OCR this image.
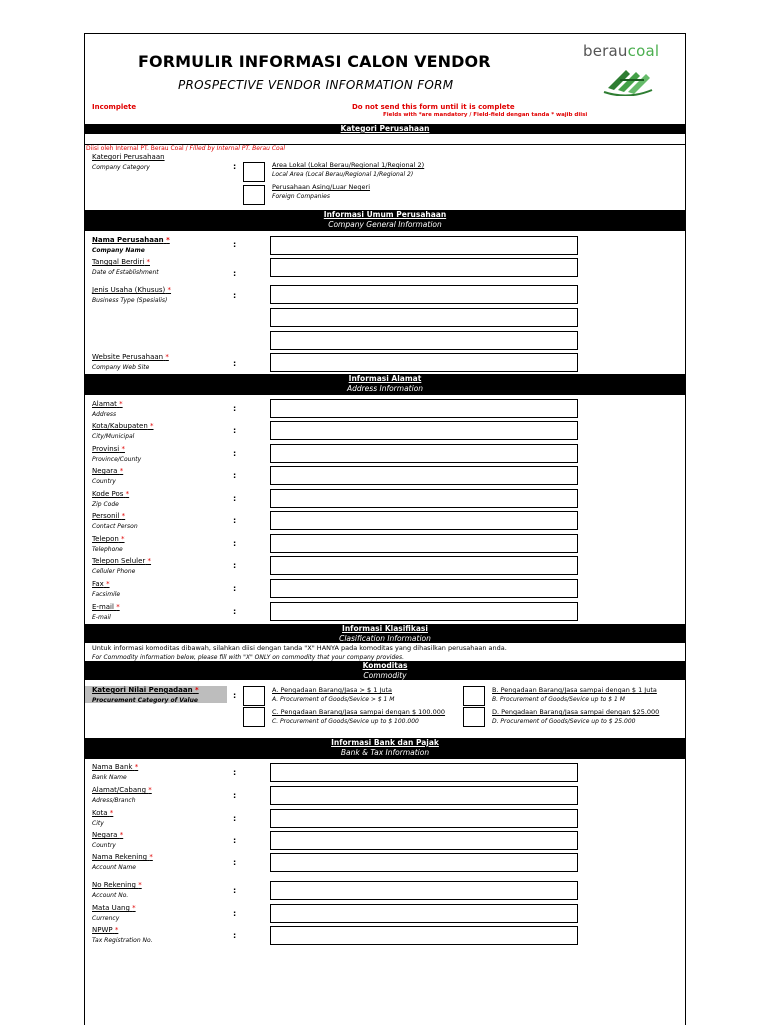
FORMULIR INFORMASI CALON VENDOR
PROSPECTIVE VENDOR INFORMATION FORM
beraucoal
Incomplete	Do not send this form until it is complete
Fields with *are mandatory / Field-field dengan tanda * wajib diisi
Kategori Perusahaan
Diisi oleh Internal PT. Berau Coal / Filled by Internal PT. Berau Coal
Kategori Perusahaan
Company Category	:	Area Lokal (Lokal Berau/Regional 1/Regional 2)
Local Area (Local Berau/Regional 1/Regional 2)
Perusahaan Asing/Luar Negeri
Foreign Companies
Informasi Umum Perusahaan
Company General Information
Nama Perusahaan *
Company Name
:
Tanggal Berdiri *
Date of Establishment	:
Jenis Usaha (Khusus) *
Business Type (Spesialis)	:
Website Perusahaan *
Company Web Site	:
Informasi Alamat
Address Information
Alamat *
Address
:
Kota/Kabupaten *
City/Municipal
:
Provinsi *
Province/County
:
Negara *
Country
:
Kode Pos *
Zip Code
:
Personil *
Contact Person
:
Telepon *
Telephone
:
Telepon Seluler *
Celluler Phone
:
Fax *
Facsimile
:
E-mail *
E-mail
:
Informasi Klasifikasi
Clasification Information
Untuk informasi komoditas dibawah, silahkan diisi dengan tanda "X" HANYA pada komoditas yang dihasilkan perusahaan anda.
For Commodity information below, please fill with "X" ONLY on commodity that your company provides.
Komoditas
Commodity
Kategori Nilai Pengadaan *
Procurement Category of Value	:
A. Pengadaan Barang/Jasa > $ 1 Juta
A. Procurement of Goods/Sevice > $ 1 M
B. Pengadaan Barang/Jasa sampai dengan $ 1 Juta
B. Procurement of Goods/Sevice up to $ 1 M
C. Pengadaan Barang/Jasa sampai dengan $ 100.000
C. Procurement of Goods/Sevice up to $ 100.000
D. Pengadaan Barang/Jasa sampai dengan $25.000
D. Procurement of Goods/Sevice up to $ 25.000
Informasi Bank dan Pajak
Bank & Tax Information
Nama Bank *
Bank Name	:
Alamat/Cabang *
Adress/Branch	:
Kota *
City	:
Negara *
Country	:
Nama Rekening *
Account Name	:
No Rekening *
Account No.	:
Mata Uang *
Currency	:
NPWP *
Tax Registration No.	:
